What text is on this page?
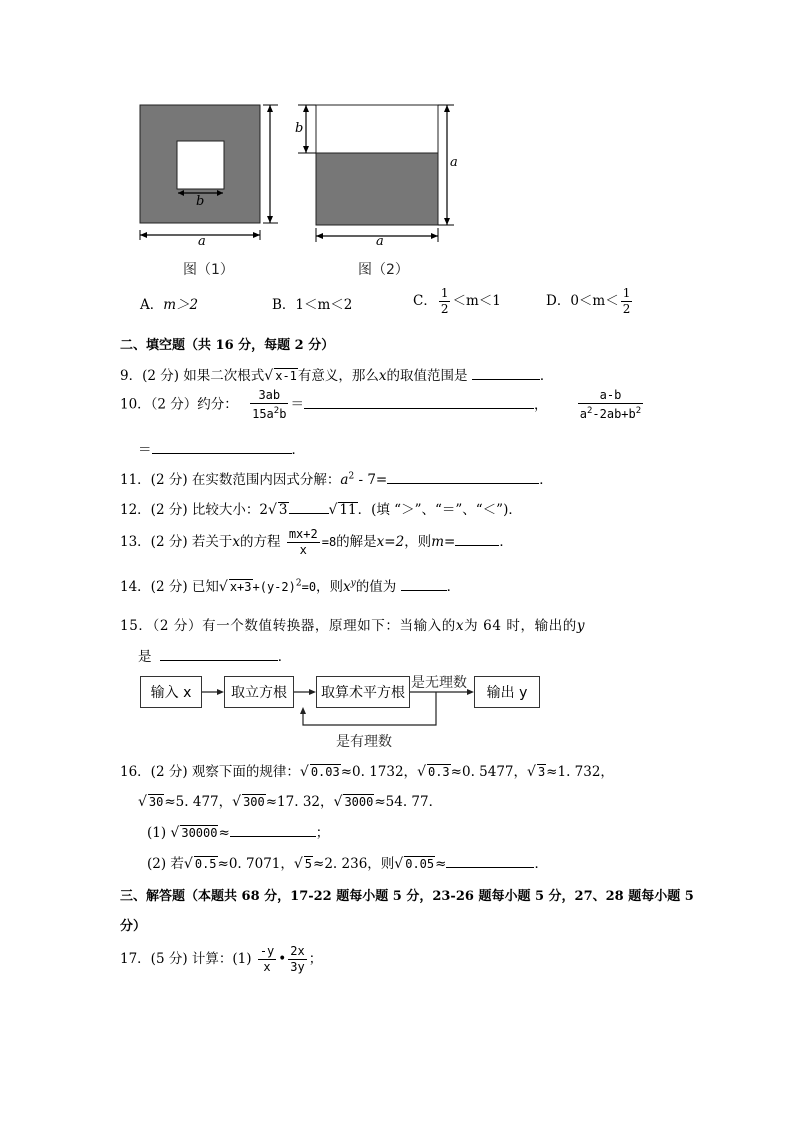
b
a
图（1）
b
a
a
图（2）
A．m＞2	B．1＜m＜2	C． $\frac{1}{2} <m<1$	D．$0<m< \frac{1}{2}$
二、填空题（共 16 分，每题 2 分）
9．(2 分) 如果二次根式√ x-1有意义，那么x的取值范围是	．
10．（2 分）约分： $\frac{3ab}{15a^2b}$ ＝	，	$\frac{a-b}{a^2-2ab+b^2}$
＝	．
11．(2 分) 在实数范围内因式分解：$a^2 - 7=$	．
12．(2 分) 比较大小：2√ 3	√ 11．(填 “＞”、“＝”、“＜”)．
13．(2 分) 若关于x的方程 $\frac{mx+2}{x} =8$的解是x=2，则m=	．
14．(2 分) 已知√ $x+3+(y-2)^2=0$，则$x^y$的值为	．
15．（2 分）有一个数值转换器，原理如下：当输入的x为 64 时，输出的y
是	．
输入 x	取立方根 取算术平方根	输出 y
是无理数
是有理数
16．(2 分) 观察下面的规律：√ 0.03≈0. 1732，√ 0.3≈0. 5477，√ 3≈1. 732，
√ 30≈5. 477，√ 300≈17. 32，√ 3000≈54. 77．
(1) √ 30000≈	；
(2) 若√ 0.5≈0. 7071，√ 5≈2. 236，则√ 0.05≈	．
三、解答题（本题共 68 分，17-22 题每小题 5 分，23-26 题每小题 5 分，27、28 题每小题 5
分）
17．(5 分) 计算：$(1) \frac{-y}{x}$ • $\frac{2x}{3y}$ ；
